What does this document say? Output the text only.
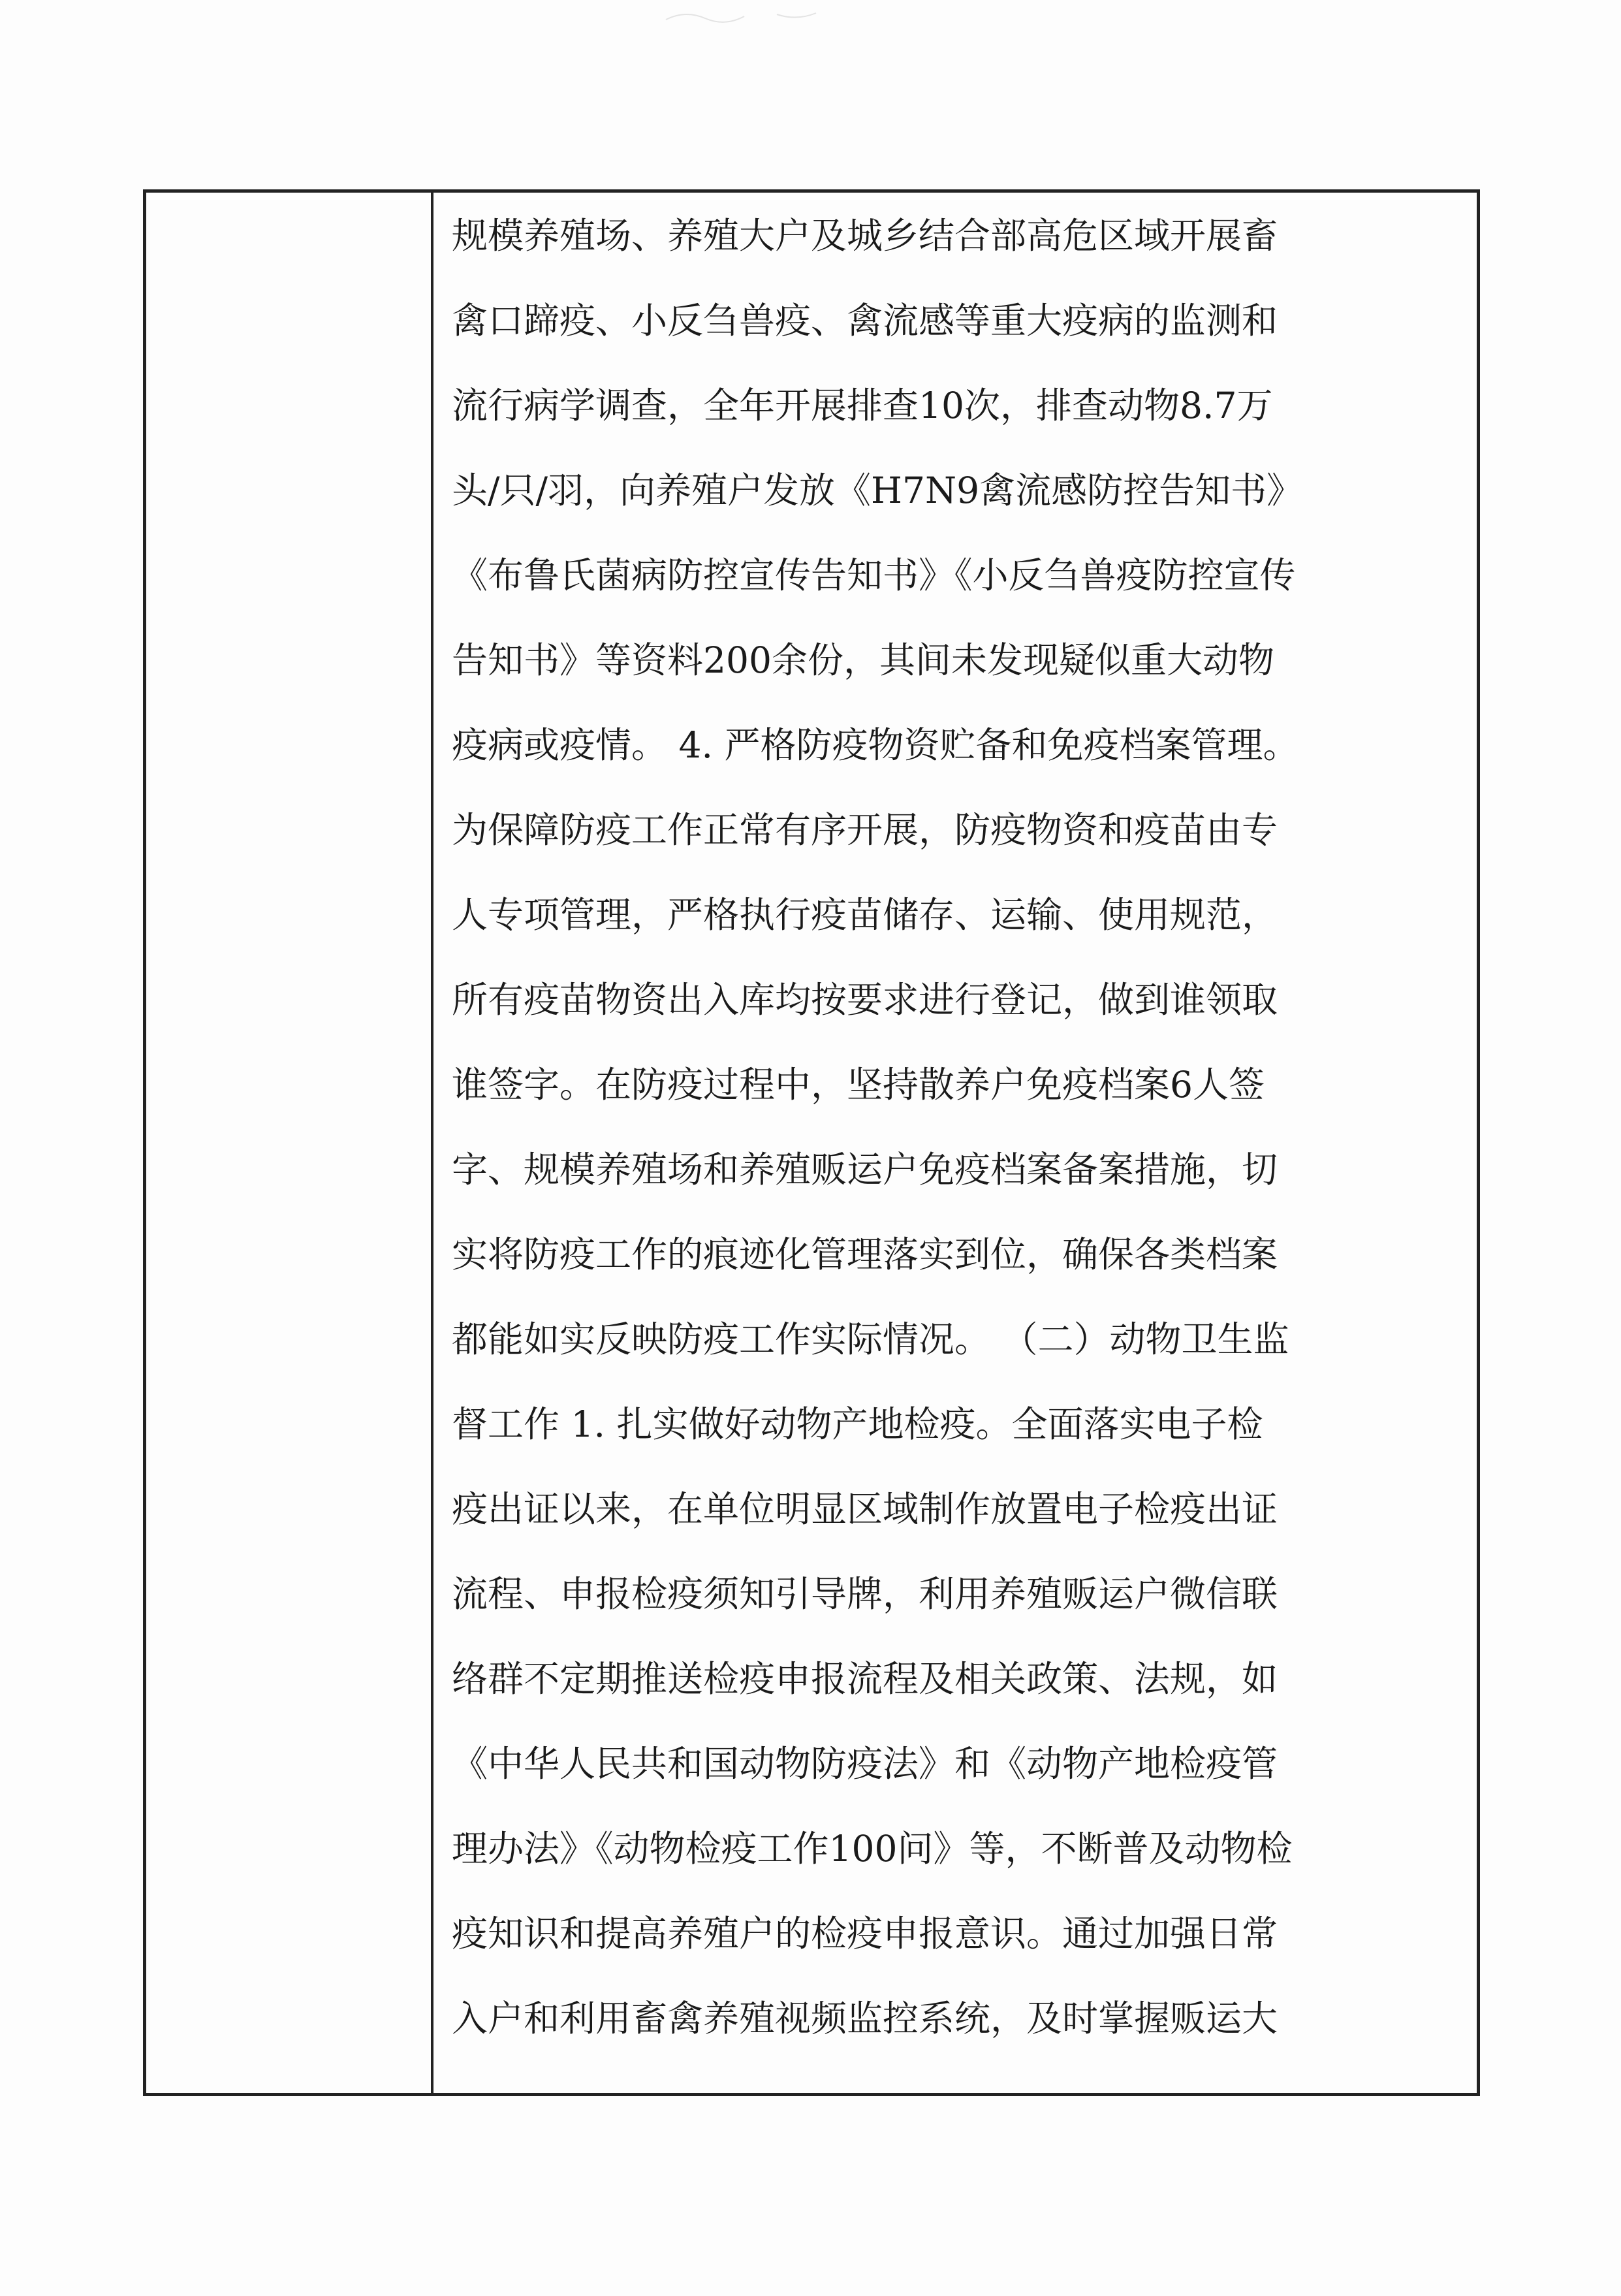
规模养殖场、养殖大户及城乡结合部高危区域开展畜
禽口蹄疫、小反刍兽疫、禽流感等重大疫病的监测和
流行病学调查，全年开展排查10次，排查动物8.7万
头/只/羽，向养殖户发放《H7N9禽流感防控告知书》
《布鲁氏菌病防控宣传告知书》《小反刍兽疫防控宣传
告知书》等资料200余份，其间未发现疑似重大动物
疫病或疫情。 4. 严格防疫物资贮备和免疫档案管理。
为保障防疫工作正常有序开展，防疫物资和疫苗由专
人专项管理，严格执行疫苗储存、运输、使用规范，
所有疫苗物资出入库均按要求进行登记，做到谁领取
谁签字。在防疫过程中，坚持散养户免疫档案6人签
字、规模养殖场和养殖贩运户免疫档案备案措施，切
实将防疫工作的痕迹化管理落实到位，确保各类档案
都能如实反映防疫工作实际情况。 （二）动物卫生监
督工作 1. 扎实做好动物产地检疫。全面落实电子检
疫出证以来，在单位明显区域制作放置电子检疫出证
流程、申报检疫须知引导牌，利用养殖贩运户微信联
络群不定期推送检疫申报流程及相关政策、法规，如
《中华人民共和国动物防疫法》和《动物产地检疫管
理办法》《动物检疫工作100问》等，不断普及动物检
疫知识和提高养殖户的检疫申报意识。通过加强日常
入户和利用畜禽养殖视频监控系统，及时掌握贩运大
